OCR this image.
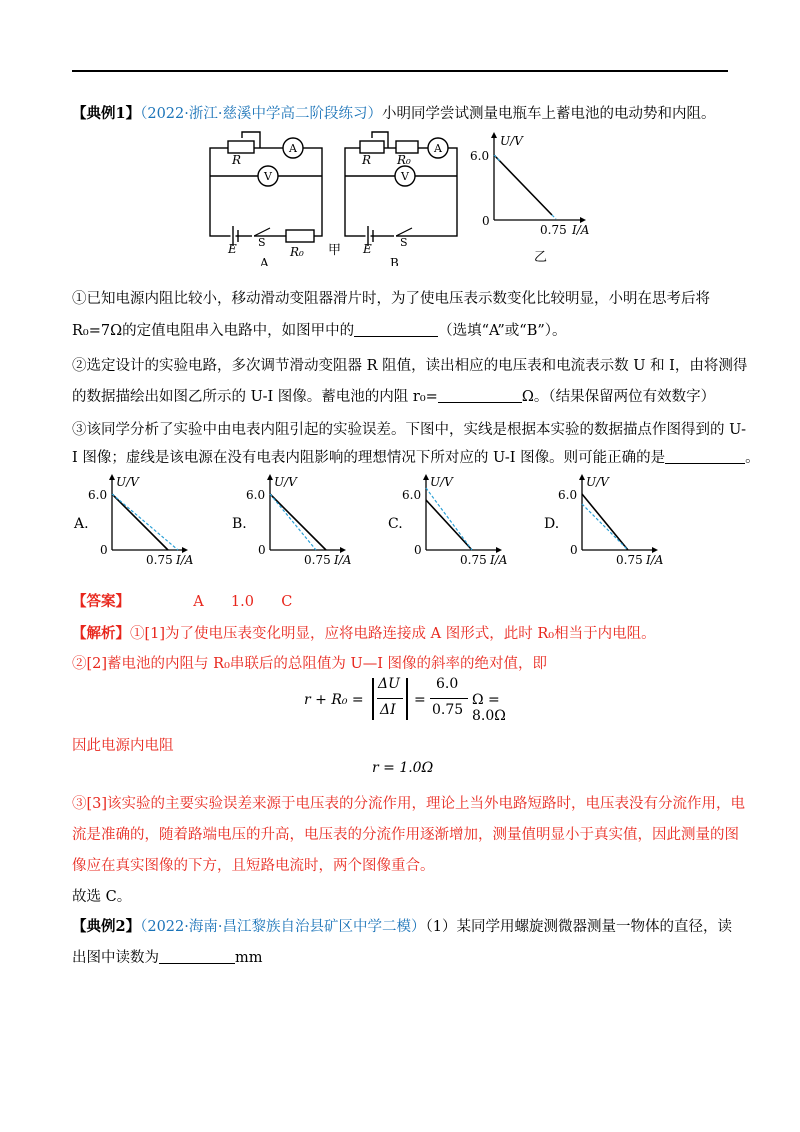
【典例1】（2022·浙江·慈溪中学高二阶段练习）小明同学尝试测量电瓶车上蓄电池的电动势和内阻。
R
A
V
E S
R₀
A
R R₀
A
V
E	S
B
甲
U/V
6.0
0
0.75 I/A
乙
①已知电源内阻比较小，移动滑动变阻器滑片时，为了使电压表示数变化比较明显，小明在思考后将
R₀=7Ω的定值电阻串入电路中，如图甲中的	（选填“A”或“B”）。
②选定设计的实验电路，多次调节滑动变阻器 R 阻值，读出相应的电压表和电流表示数 U 和 I，由将测得
的数据描绘出如图乙所示的 U-I 图像。蓄电池的内阻 r₀=	Ω。（结果保留两位有效数字）
③该同学分析了实验中由电表内阻引起的实验误差。下图中，实线是根据本实验的数据描点作图得到的 U-
I 图像；虚线是该电源在没有电表内阻影响的理想情况下所对应的 U-I 图像。则可能正确的是	。
U/V
6.0
0
0.75 I/A
A.
U/V
6.0
0
0.75 I/A
B.
U/V
6.0
0
0.75 I/A
C.
U/V
6.0
0
0.75 I/A
D.
【答案】	A 1.0 C
【解析】①[1]为了使电压表变化明显，应将电路连接成 A 图形式，此时 R₀相当于内电阻。
②[2]蓄电池的内阻与 R₀串联后的总阻值为 U—I 图像的斜率的绝对值，即
r + R₀ =
ΔU
ΔI
=
6.0
0.75
Ω = 8.0Ω
因此电源内电阻
r = 1.0Ω
③[3]该实验的主要实验误差来源于电压表的分流作用，理论上当外电路短路时，电压表没有分流作用，电
流是准确的，随着路端电压的升高，电压表的分流作用逐渐增加，测量值明显小于真实值，因此测量的图
像应在真实图像的下方，且短路电流时，两个图像重合。
故选 C。
【典例2】（2022·海南·昌江黎族自治县矿区中学二模）（1）某同学用螺旋测微器测量一物体的直径，读
出图中读数为	mm
